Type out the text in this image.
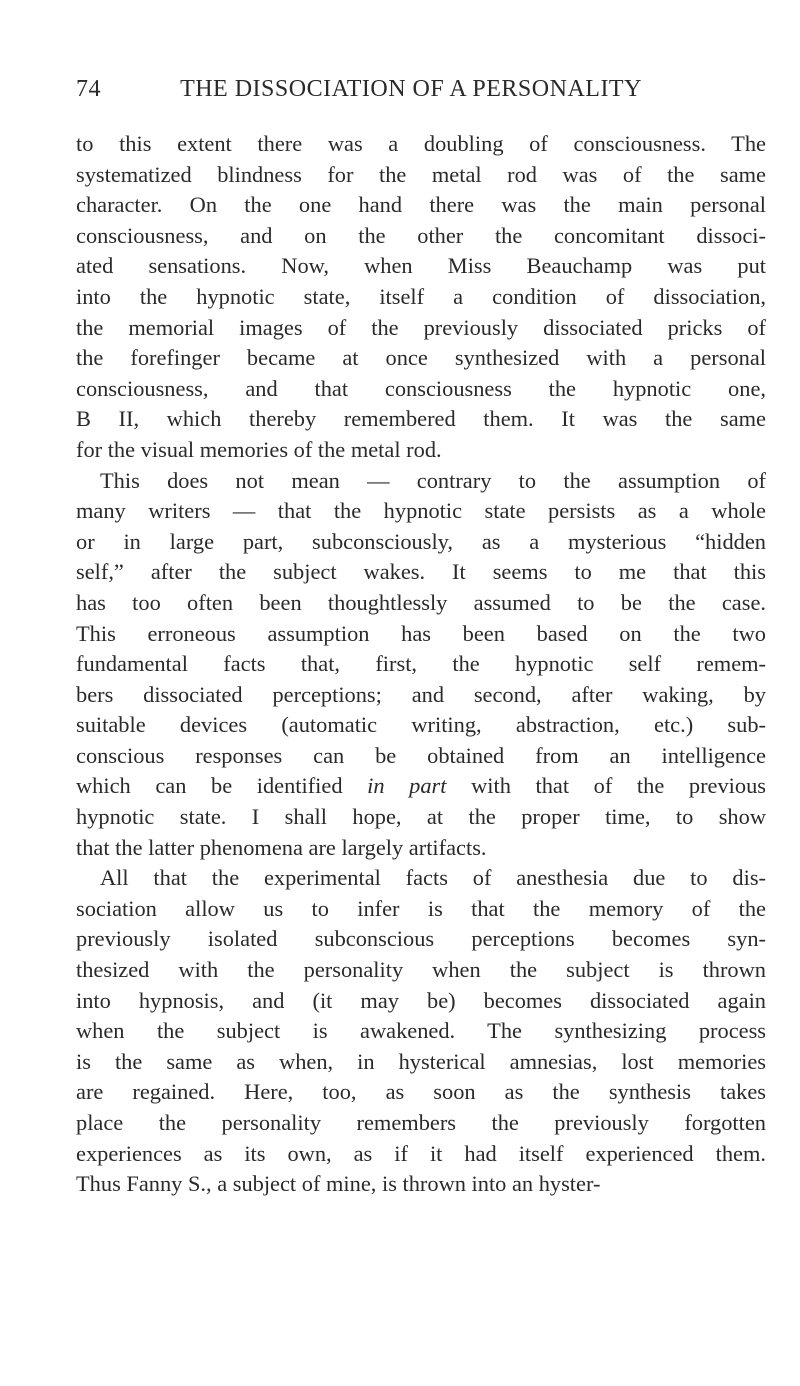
74	THE DISSOCIATION OF A PERSONALITY
to this extent there was a doubling of consciousness. The
systematized blindness for the metal rod was of the same
character. On the one hand there was the main personal
consciousness, and on the other the concomitant dissoci-
ated sensations. Now, when Miss Beauchamp was put
into the hypnotic state, itself a condition of dissociation,
the memorial images of the previously dissociated pricks of
the forefinger became at once synthesized with a personal
consciousness, and that consciousness the hypnotic one,
B II, which thereby remembered them. It was the same
for the visual memories of the metal rod.
This does not mean — contrary to the assumption of
many writers — that the hypnotic state persists as a whole
or in large part, subconsciously, as a mysterious “hidden
self,” after the subject wakes. It seems to me that this
has too often been thoughtlessly assumed to be the case.
This erroneous assumption has been based on the two
fundamental facts that, first, the hypnotic self remem-
bers dissociated perceptions; and second, after waking, by
suitable devices (automatic writing, abstraction, etc.) sub-
conscious responses can be obtained from an intelligence
which can be identified in part with that of the previous
hypnotic state. I shall hope, at the proper time, to show
that the latter phenomena are largely artifacts.
All that the experimental facts of anesthesia due to dis-
sociation allow us to infer is that the memory of the
previously isolated subconscious perceptions becomes syn-
thesized with the personality when the subject is thrown
into hypnosis, and (it may be) becomes dissociated again
when the subject is awakened. The synthesizing process
is the same as when, in hysterical amnesias, lost memories
are regained. Here, too, as soon as the synthesis takes
place the personality remembers the previously forgotten
experiences as its own, as if it had itself experienced them.
Thus Fanny S., a subject of mine, is thrown into an hyster-
